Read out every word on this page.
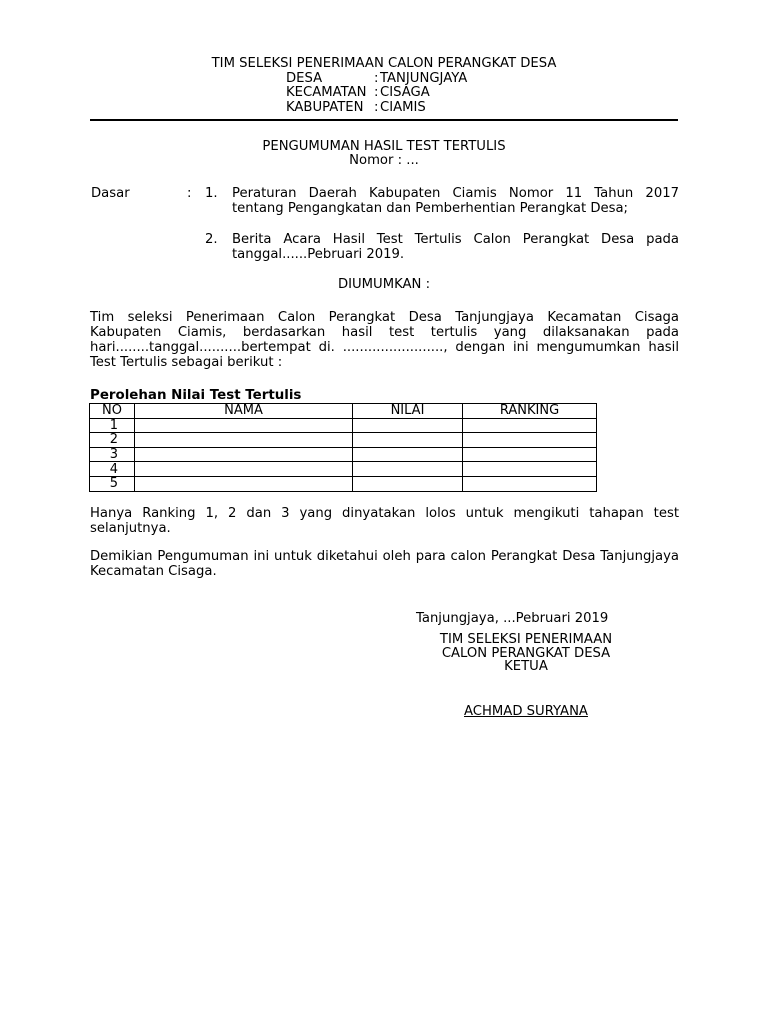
TIM SELEKSI PENERIMAAN CALON PERANGKAT DESA
DESA	: TANJUNGJAYA
KECAMATAN : CISAGA
KABUPATEN : CIAMIS
PENGUMUMAN HASIL TEST TERTULIS
Nomor : ...
Dasar	: 1.	Peraturan Daerah Kabupaten Ciamis Nomor 11 Tahun 2017 tentang Pengangkatan dan Pemberhentian Perangkat Desa;
2.	Berita Acara Hasil Test Tertulis Calon Perangkat Desa pada tanggal......Pebruari 2019.
DIUMUMKAN :
Tim seleksi Penerimaan Calon Perangkat Desa Tanjungjaya Kecamatan Cisaga Kabupaten Ciamis, berdasarkan hasil test tertulis yang dilaksanakan pada hari........tanggal..........bertempat di. ........................, dengan ini mengumumkan hasil Test Tertulis sebagai berikut :
Perolehan Nilai Test Tertulis
NO	NAMA	NILAI	RANKING
1			
2			
3			
4			
5			
Hanya Ranking 1, 2 dan 3 yang dinyatakan lolos untuk mengikuti tahapan test selanjutnya.
Demikian Pengumuman ini untuk diketahui oleh para calon Perangkat Desa Tanjungjaya Kecamatan Cisaga.
Tanjungjaya, ...Pebruari 2019
TIM SELEKSI PENERIMAAN
CALON PERANGKAT DESA
KETUA
ACHMAD SURYANA
